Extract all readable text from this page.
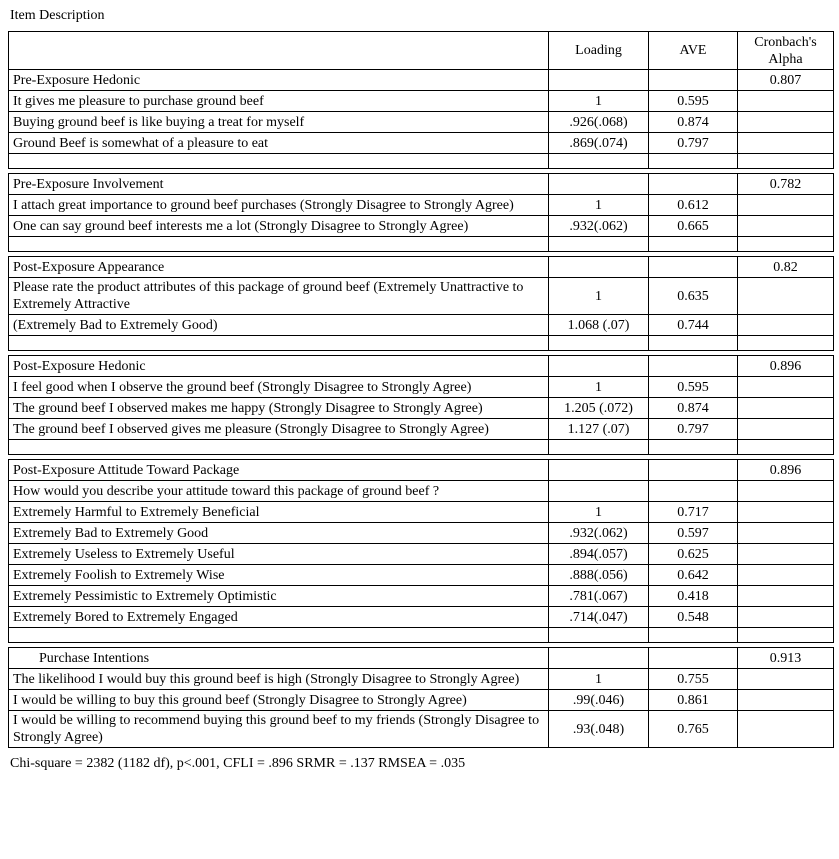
Item Description
	Loading	AVE	Cronbach's Alpha
Pre-Exposure Hedonic			0.807
It gives me pleasure to purchase ground beef	1	0.595	
Buying ground beef is like buying a treat for myself	.926(.068)	0.874	
Ground Beef is somewhat of a pleasure to eat	.869(.074)	0.797	

Pre-Exposure Involvement			0.782
I attach great importance to ground beef purchases (Strongly Disagree to Strongly Agree)	1	0.612	
One can say ground beef interests me a lot (Strongly Disagree to Strongly Agree)	.932(.062)	0.665	

Post-Exposure Appearance			0.82
Please rate the product attributes of this package of ground beef (Extremely Unattractive to Extremely Attractive	1	0.635	
(Extremely Bad to Extremely Good)	1.068 (.07)	0.744	

Post-Exposure Hedonic			0.896
I feel good when I observe the ground beef (Strongly Disagree to Strongly Agree)	1	0.595	
The ground beef I observed makes me happy (Strongly Disagree to Strongly Agree)	1.205 (.072)	0.874	
The ground beef I observed gives me pleasure (Strongly Disagree to Strongly Agree)	1.127 (.07)	0.797	

Post-Exposure Attitude Toward Package			0.896
How would you describe your attitude toward this package of ground beef ?			
Extremely Harmful to Extremely Beneficial	1	0.717	
Extremely Bad to Extremely Good	.932(.062)	0.597	
Extremely Useless to Extremely Useful	.894(.057)	0.625	
Extremely Foolish to Extremely Wise	.888(.056)	0.642	
Extremely Pessimistic to Extremely Optimistic	.781(.067)	0.418	
Extremely Bored to Extremely Engaged	.714(.047)	0.548	

Purchase Intentions			0.913
The likelihood I would buy this ground beef is high (Strongly Disagree to Strongly Agree)	1	0.755	
I would be willing to buy this ground beef (Strongly Disagree to Strongly Agree)	.99(.046)	0.861	
I would be willing to recommend buying this ground beef to my friends (Strongly Disagree to Strongly Agree)	.93(.048)	0.765	
Chi-square = 2382 (1182 df), p<.001, CFLI = .896 SRMR = .137 RMSEA = .035
